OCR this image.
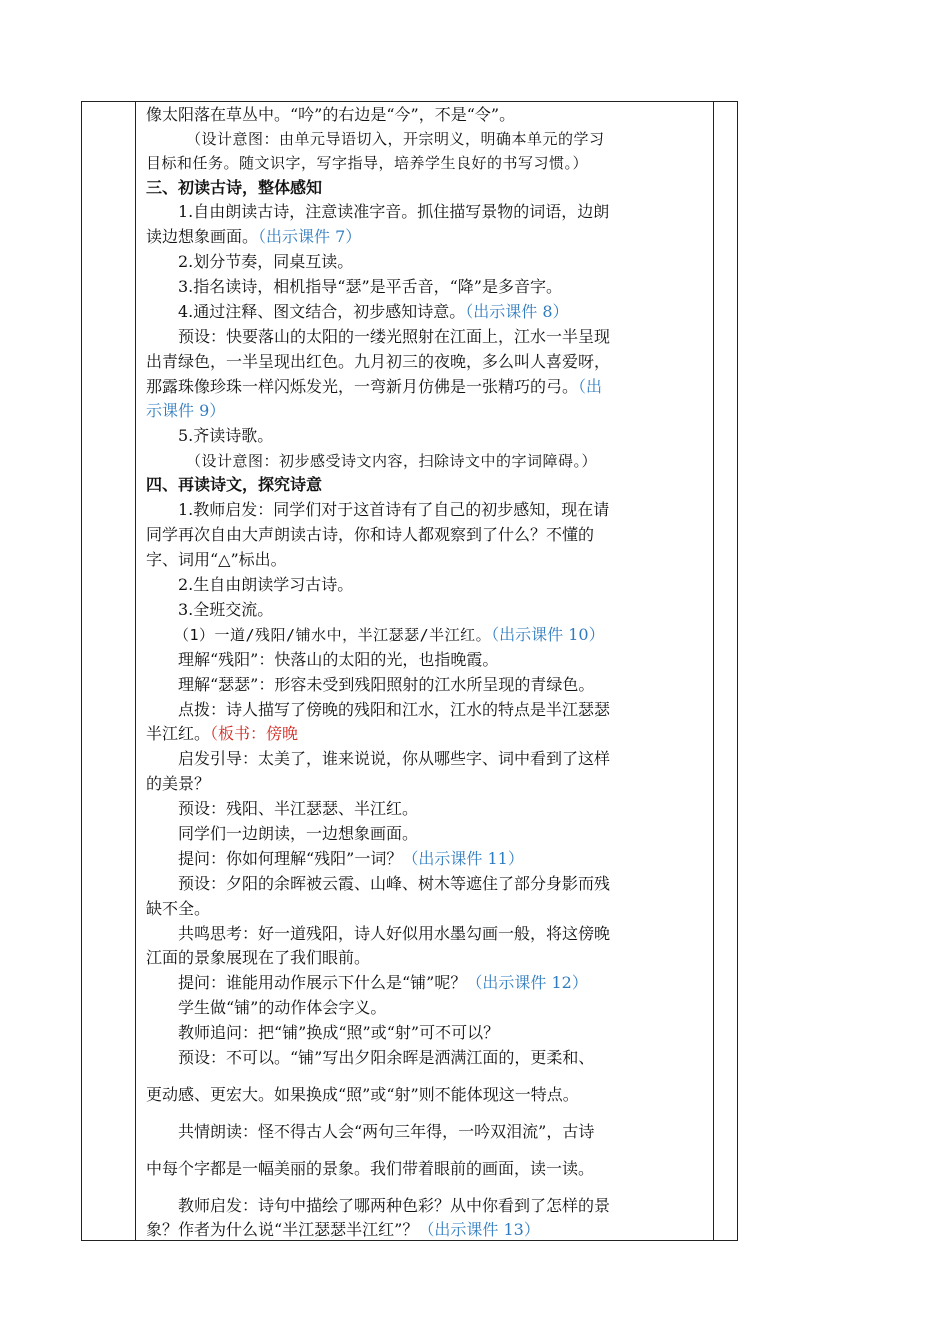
像太阳落在草丛中。“吟”的右边是“今”，不是“令”。
（设计意图：由单元导语切入，开宗明义，明确本单元的学习
目标和任务。随文识字，写字指导，培养学生良好的书写习惯。）
三、初读古诗，整体感知
1.自由朗读古诗，注意读准字音。抓住描写景物的词语，边朗
读边想象画面。（出示课件 7）
2.划分节奏，同桌互读。
3.指名读诗，相机指导“瑟”是平舌音，“降”是多音字。
4.通过注释、图文结合，初步感知诗意。（出示课件 8）
预设：快要落山的太阳的一缕光照射在江面上，江水一半呈现
出青绿色，一半呈现出红色。九月初三的夜晚，多么叫人喜爱呀，
那露珠像珍珠一样闪烁发光，一弯新月仿佛是一张精巧的弓。（出
示课件 9）
5.齐读诗歌。
（设计意图：初步感受诗文内容，扫除诗文中的字词障碍。）
四、再读诗文，探究诗意
1.教师启发：同学们对于这首诗有了自己的初步感知，现在请
同学再次自由大声朗读古诗，你和诗人都观察到了什么？不懂的
字、词用“△”标出。
2.生自由朗读学习古诗。
3.全班交流。
（1）一道/残阳/铺水中，半江瑟瑟/半江红。（出示课件 10）
理解“残阳”：快落山的太阳的光，也指晚霞。
理解“瑟瑟”：形容未受到残阳照射的江水所呈现的青绿色。
点拨：诗人描写了傍晚的残阳和江水，江水的特点是半江瑟瑟
半江红。（板书：傍晚
启发引导：太美了，谁来说说，你从哪些字、词中看到了这样
的美景？
预设：残阳、半江瑟瑟、半江红。
同学们一边朗读，一边想象画面。
提问：你如何理解“残阳”一词？（出示课件 11）
预设：夕阳的余晖被云霞、山峰、树木等遮住了部分身影而残
缺不全。
共鸣思考：好一道残阳，诗人好似用水墨勾画一般，将这傍晚
江面的景象展现在了我们眼前。
提问：谁能用动作展示下什么是“铺”呢？（出示课件 12）
学生做“铺”的动作体会字义。
教师追问：把“铺”换成“照”或“射”可不可以？
预设：不可以。“铺”写出夕阳余晖是洒满江面的，更柔和、
更动感、更宏大。如果换成“照”或“射”则不能体现这一特点。
共情朗读：怪不得古人会“两句三年得，一吟双泪流”，古诗
中每个字都是一幅美丽的景象。我们带着眼前的画面，读一读。
教师启发：诗句中描绘了哪两种色彩？从中你看到了怎样的景
象？作者为什么说“半江瑟瑟半江红”？（出示课件 13）
